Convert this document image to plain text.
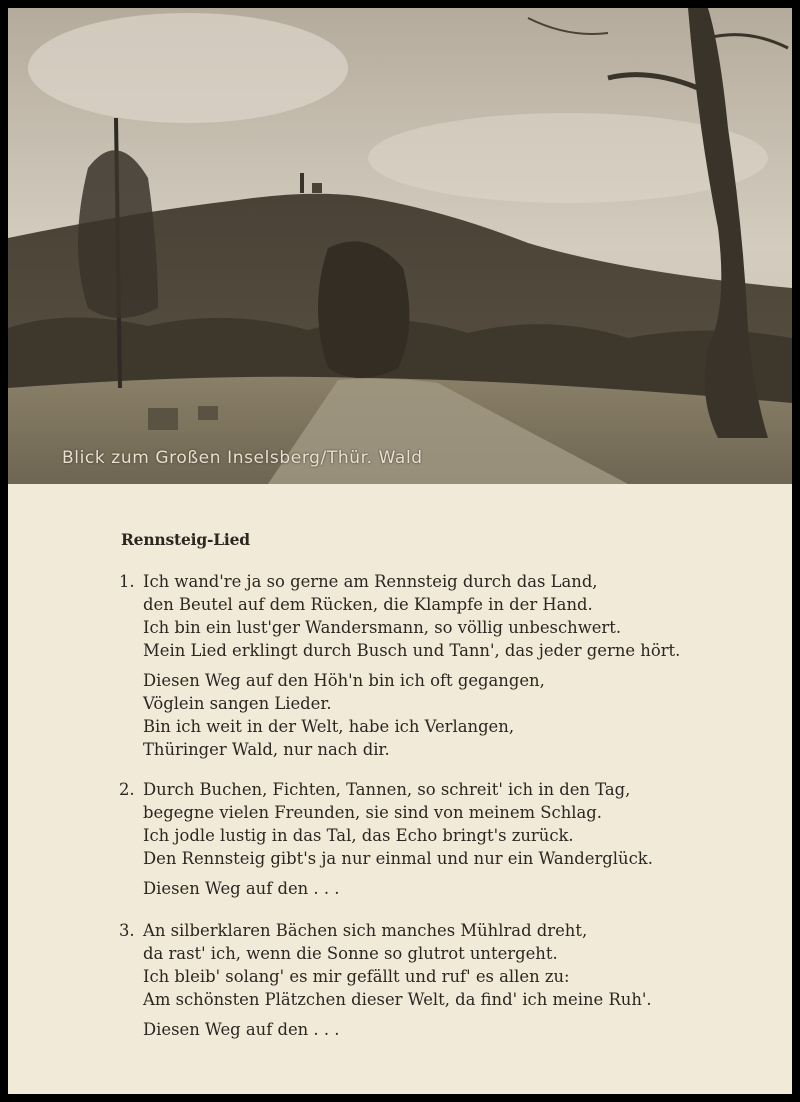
Blick zum Großen Inselsberg/Thür. Wald
Rennsteig-Lied
1. Ich wand're ja so gerne am Rennsteig durch das Land,
den Beutel auf dem Rücken, die Klampfe in der Hand.
Ich bin ein lust'ger Wandersmann, so völlig unbeschwert.
Mein Lied erklingt durch Busch und Tann', das jeder gerne hört.
Diesen Weg auf den Höh'n bin ich oft gegangen,
Vöglein sangen Lieder.
Bin ich weit in der Welt, habe ich Verlangen,
Thüringer Wald, nur nach dir.
2. Durch Buchen, Fichten, Tannen, so schreit' ich in den Tag,
begegne vielen Freunden, sie sind von meinem Schlag.
Ich jodle lustig in das Tal, das Echo bringt's zurück.
Den Rennsteig gibt's ja nur einmal und nur ein Wanderglück.
Diesen Weg auf den . . .
3. An silberklaren Bächen sich manches Mühlrad dreht,
da rast' ich, wenn die Sonne so glutrot untergeht.
Ich bleib' solang' es mir gefällt und ruf' es allen zu:
Am schönsten Plätzchen dieser Welt, da find' ich meine Ruh'.
Diesen Weg auf den . . .
